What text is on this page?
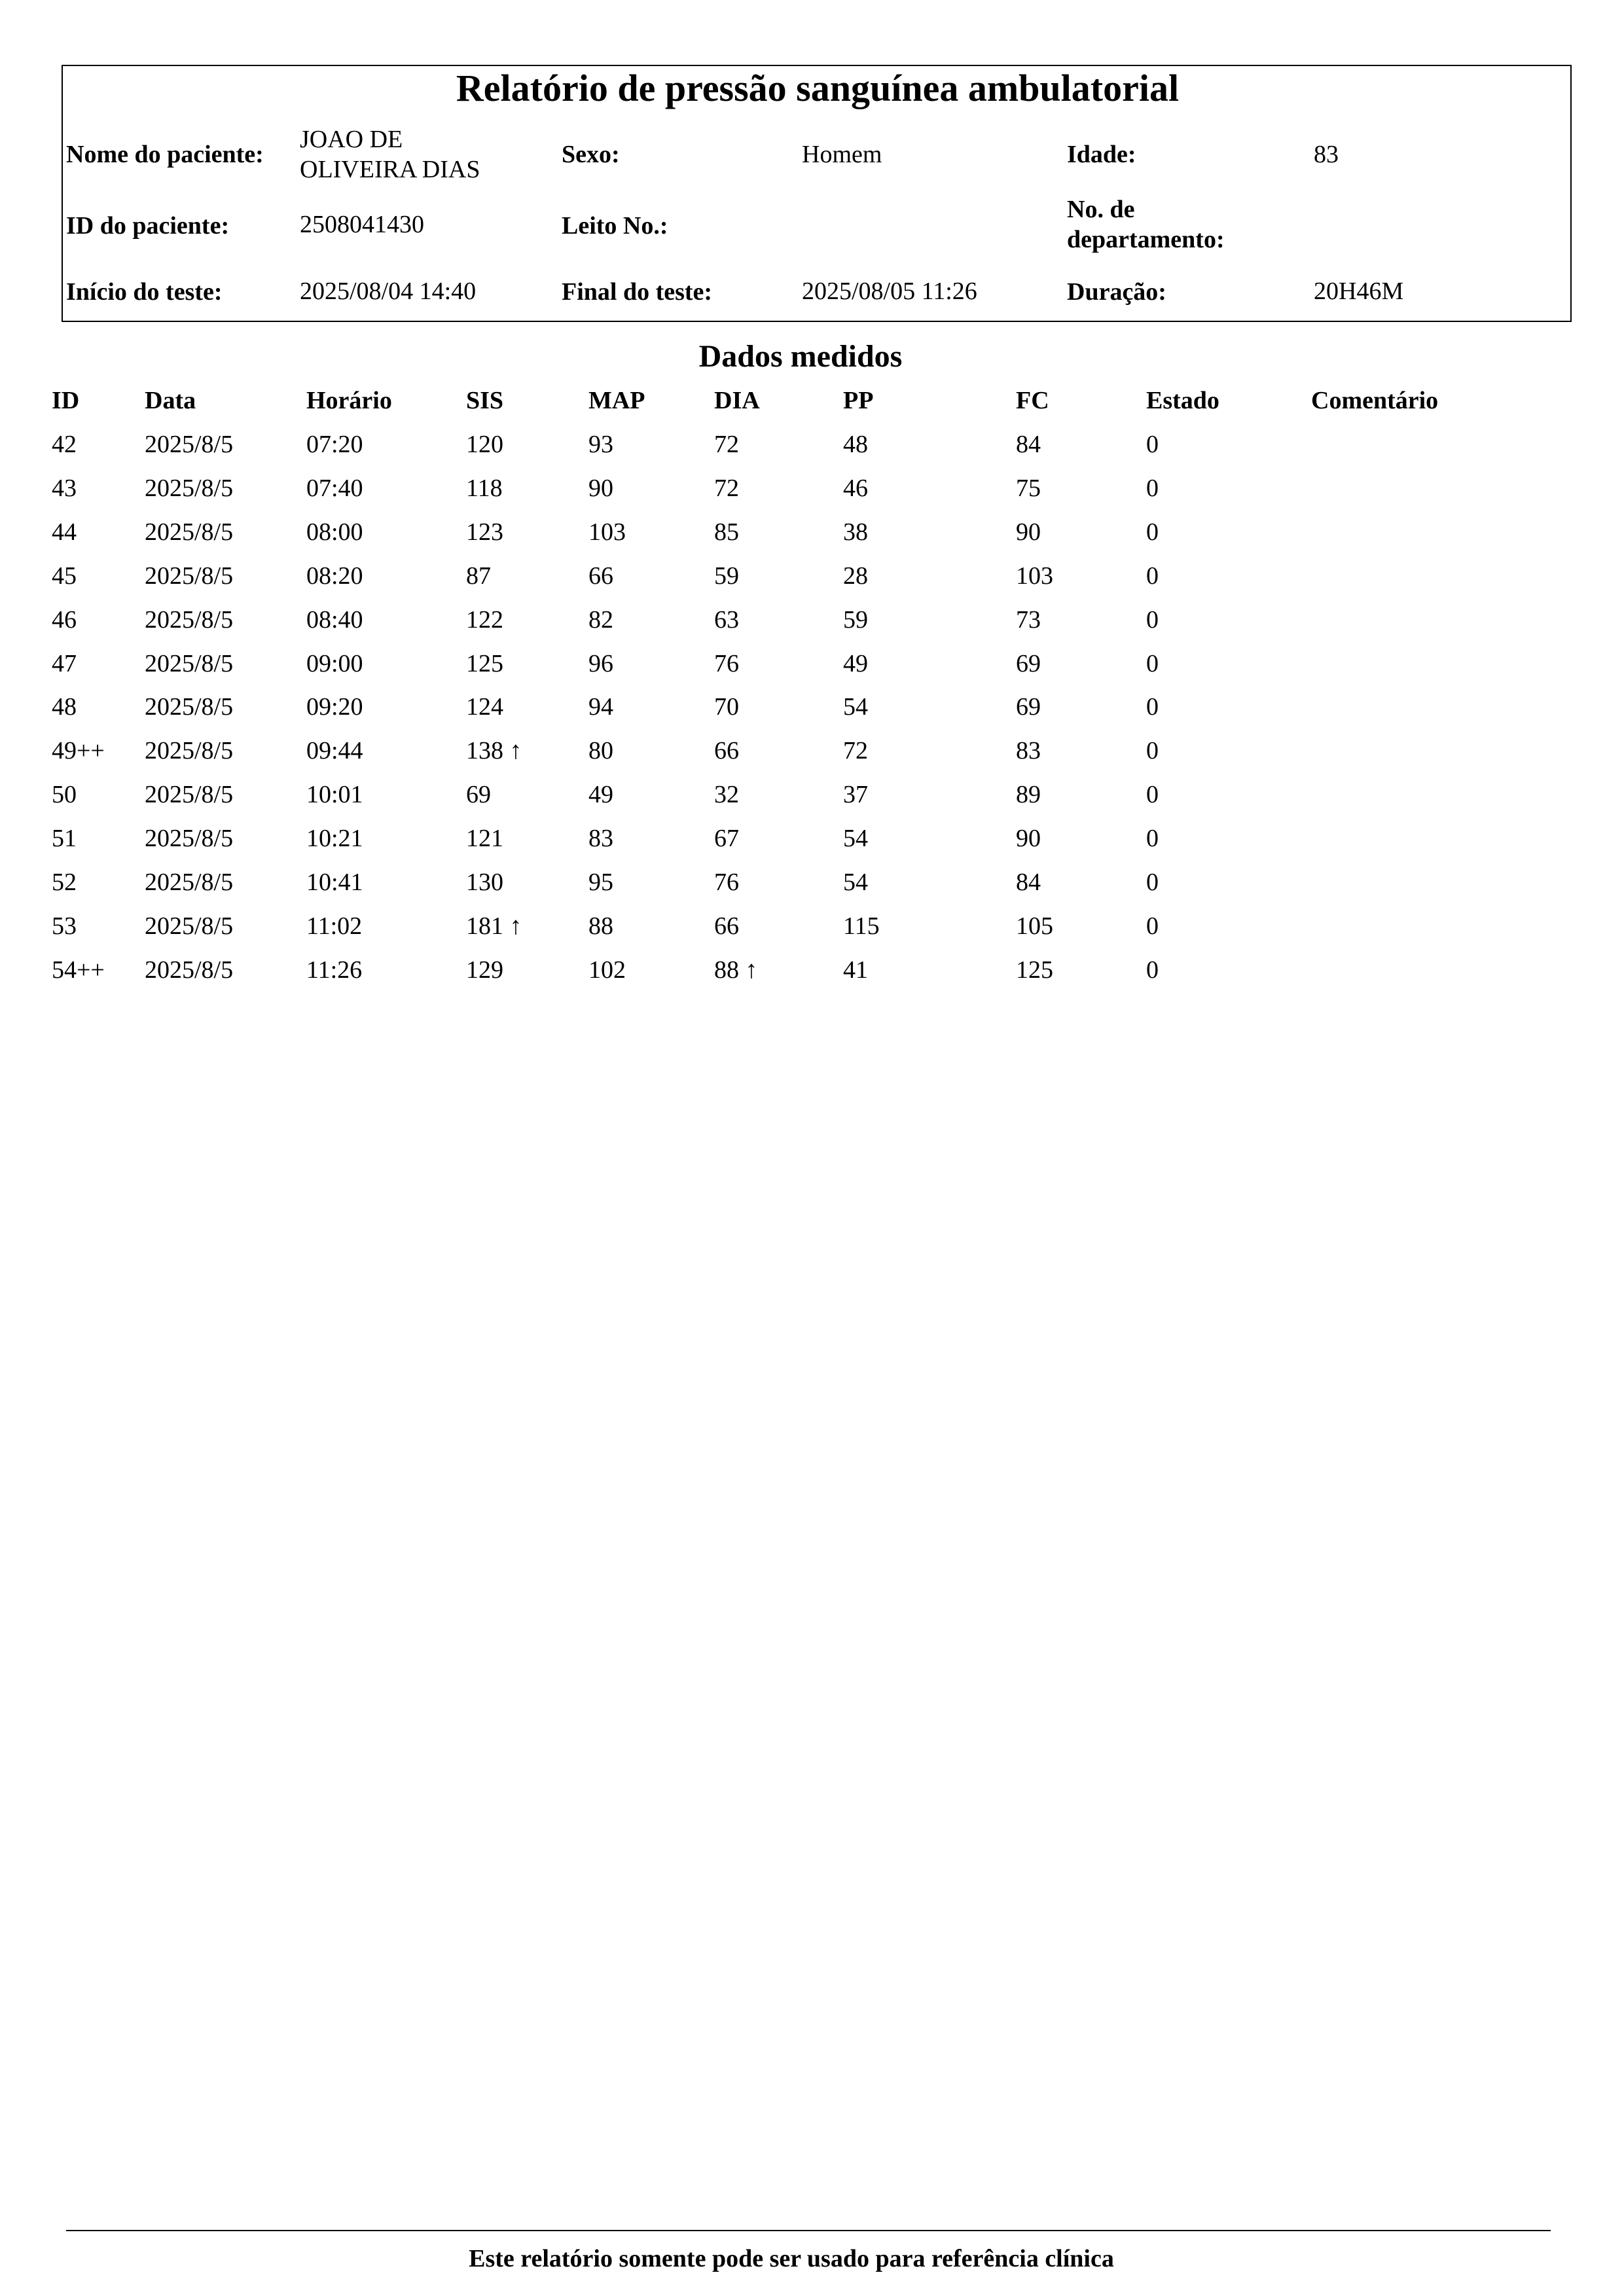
Relatório de pressão sanguínea ambulatorial
Nome do paciente:
JOAO DE
OLIVEIRA DIAS
Sexo:	Homem	Idade:	83
ID do paciente:	2508041430	Leito No.:
No. de
departamento:
Início do teste:	2025/08/04 14:40	Final do teste:	2025/08/05 11:26	Duração:	20H46M
Dados medidos
ID	Data	Horário	SIS	MAP	DIA	PP	FC	Estado	Comentário
42	2025/8/5	07:20	120	93	72	48	84	0
43	2025/8/5	07:40	118	90	72	46	75	0
44	2025/8/5	08:00	123	103	85	38	90	0
45	2025/8/5	08:20	87	66	59	28	103	0
46	2025/8/5	08:40	122	82	63	59	73	0
47	2025/8/5	09:00	125	96	76	49	69	0
48	2025/8/5	09:20	124	94	70	54	69	0
49++ 2025/8/5	09:44	138 ↑	80	66	72	83	0
50	2025/8/5	10:01	69	49	32	37	89	0
51	2025/8/5	10:21	121	83	67	54	90	0
52	2025/8/5	10:41	130	95	76	54	84	0
53	2025/8/5	11:02	181 ↑	88	66	115	105	0
54++ 2025/8/5	11:26	129	102	88 ↑	41	125	0
Este relatório somente pode ser usado para referência clínica
